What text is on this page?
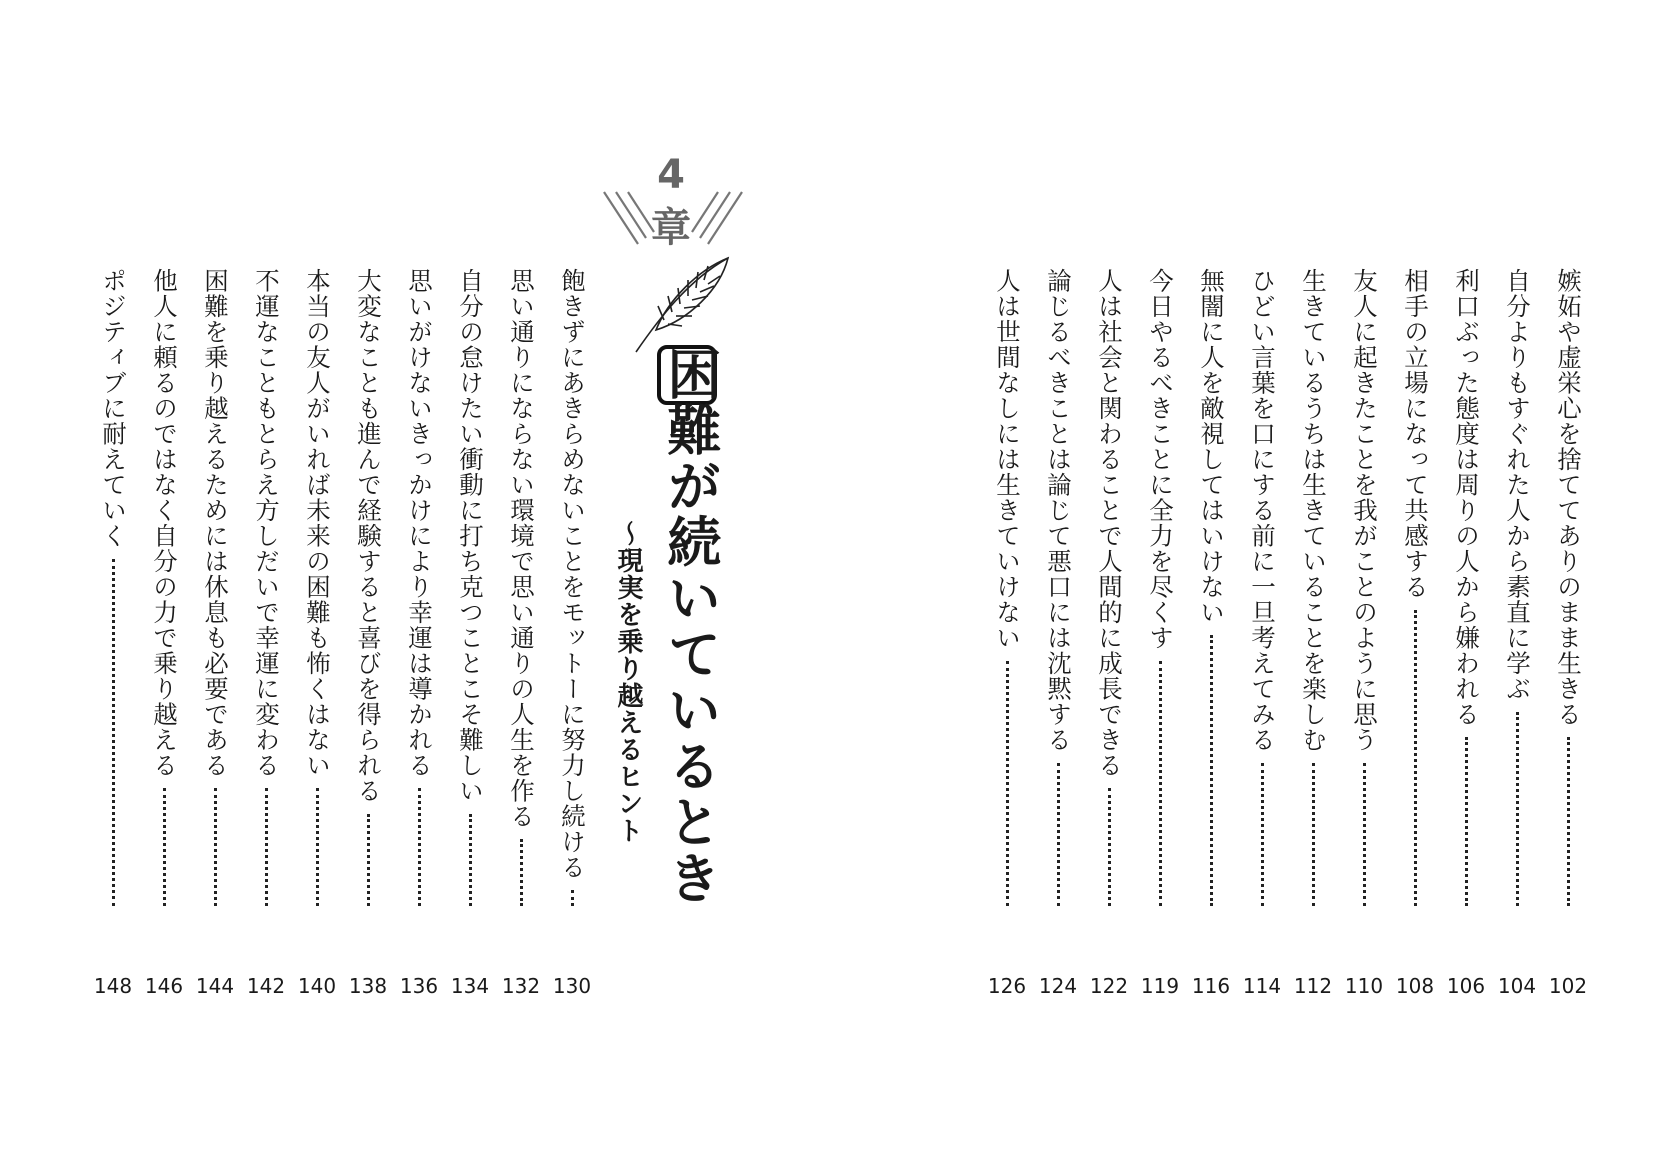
4
章
困難が続いているとき
〜現実を乗り越えるヒント	嫉妬や虚栄心を捨ててありのまま生きる
102
自分よりもすぐれた人から素直に学ぶ
104
利口ぶった態度は周りの人から嫌われる
106
相手の立場になって共感する
108
友人に起きたことを我がことのように思う
110
生きているうちは生きていることを楽しむ
112
ひどい言葉を口にする前に一旦考えてみる
114
無闇に人を敵視してはいけない
116
今日やるべきことに全力を尽くす
119
人は社会と関わることで人間的に成長できる
122
論じるべきことは論じて悪口には沈黙する
124
人は世間なしには生きていけない
126
飽きずにあきらめないことをモットーに努力し続ける
130
思い通りにならない環境で思い通りの人生を作る
132
自分の怠けたい衝動に打ち克つことこそ難しい
134
思いがけないきっかけにより幸運は導かれる
136
大変なことも進んで経験すると喜びを得られる
138
本当の友人がいれば未来の困難も怖くはない
140
不運なこともとらえ方しだいで幸運に変わる
142
困難を乗り越えるためには休息も必要である
144
他人に頼るのではなく自分の力で乗り越える
146
ポジティブに耐えていく
148
